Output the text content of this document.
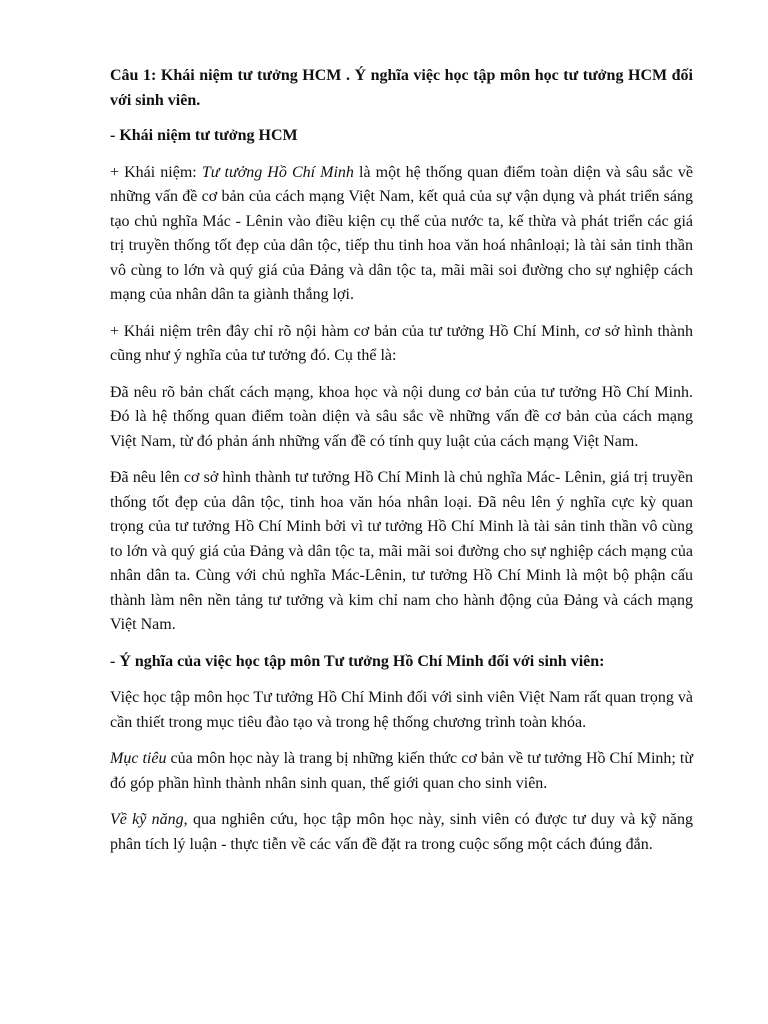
Câu 1: Khái niệm tư tưởng HCM . Ý nghĩa việc học tập môn học tư tưởng HCM đối với sinh viên.

- Khái niệm tư tưởng HCM

+ Khái niệm: Tư tưởng Hồ Chí Minh là một hệ thống quan điểm toàn diện và sâu sắc về những vấn đề cơ bản của cách mạng Việt Nam, kết quả của sự vận dụng và phát triển sáng tạo chủ nghĩa Mác - Lênin vào điều kiện cụ thể của nước ta, kế thừa và phát triển các giá trị truyền thống tốt đẹp của dân tộc, tiếp thu tinh hoa văn hoá nhânloại; là tài sản tinh thần vô cùng to lớn và quý giá của Đảng và dân tộc ta, mãi mãi soi đường cho sự nghiệp cách mạng của nhân dân ta giành thắng lợi.

+ Khái niệm trên đây chỉ rõ nội hàm cơ bản của tư tưởng Hồ Chí Minh, cơ sở hình thành cũng như ý nghĩa của tư tưởng đó. Cụ thể là:

Đã nêu rõ bản chất cách mạng, khoa học và nội dung cơ bản của tư tưởng Hồ Chí Minh. Đó là hệ thống quan điểm toàn diện và sâu sắc về những vấn đề cơ bản của cách mạng Việt Nam, từ đó phản ánh những vấn đề có tính quy luật của cách mạng Việt Nam.

Đã nêu lên cơ sở hình thành tư tưởng Hồ Chí Minh là chủ nghĩa Mác- Lênin, giá trị truyền thống tốt đẹp của dân tộc, tinh hoa văn hóa nhân loại. Đã nêu lên ý nghĩa cực kỳ quan trọng của tư tưởng Hồ Chí Minh bởi vì tư tưởng Hồ Chí Minh là tài sản tinh thần vô cùng to lớn và quý giá của Đảng và dân tộc ta, mãi mãi soi đường cho sự nghiệp cách mạng của nhân dân ta. Cùng với chủ nghĩa Mác-Lênin, tư tưởng Hồ Chí Minh là một bộ phận cấu thành làm nên nền tảng tư tưởng và kim chỉ nam cho hành động của Đảng và cách mạng Việt Nam.

- Ý nghĩa của việc học tập môn Tư tưởng Hồ Chí Minh đối với sinh viên:

Việc học tập môn học Tư tưởng Hồ Chí Minh đối với sinh viên Việt Nam rất quan trọng và cần thiết trong mục tiêu đào tạo và trong hệ thống chương trình toàn khóa.

Mục tiêu của môn học này là trang bị những kiến thức cơ bản về tư tưởng Hồ Chí Minh; từ đó góp phần hình thành nhân sinh quan, thế giới quan cho sinh viên.

Về kỹ năng, qua nghiên cứu, học tập môn học này, sinh viên có được tư duy và kỹ năng phân tích lý luận - thực tiễn về các vấn đề đặt ra trong cuộc sống một cách đúng đắn.
